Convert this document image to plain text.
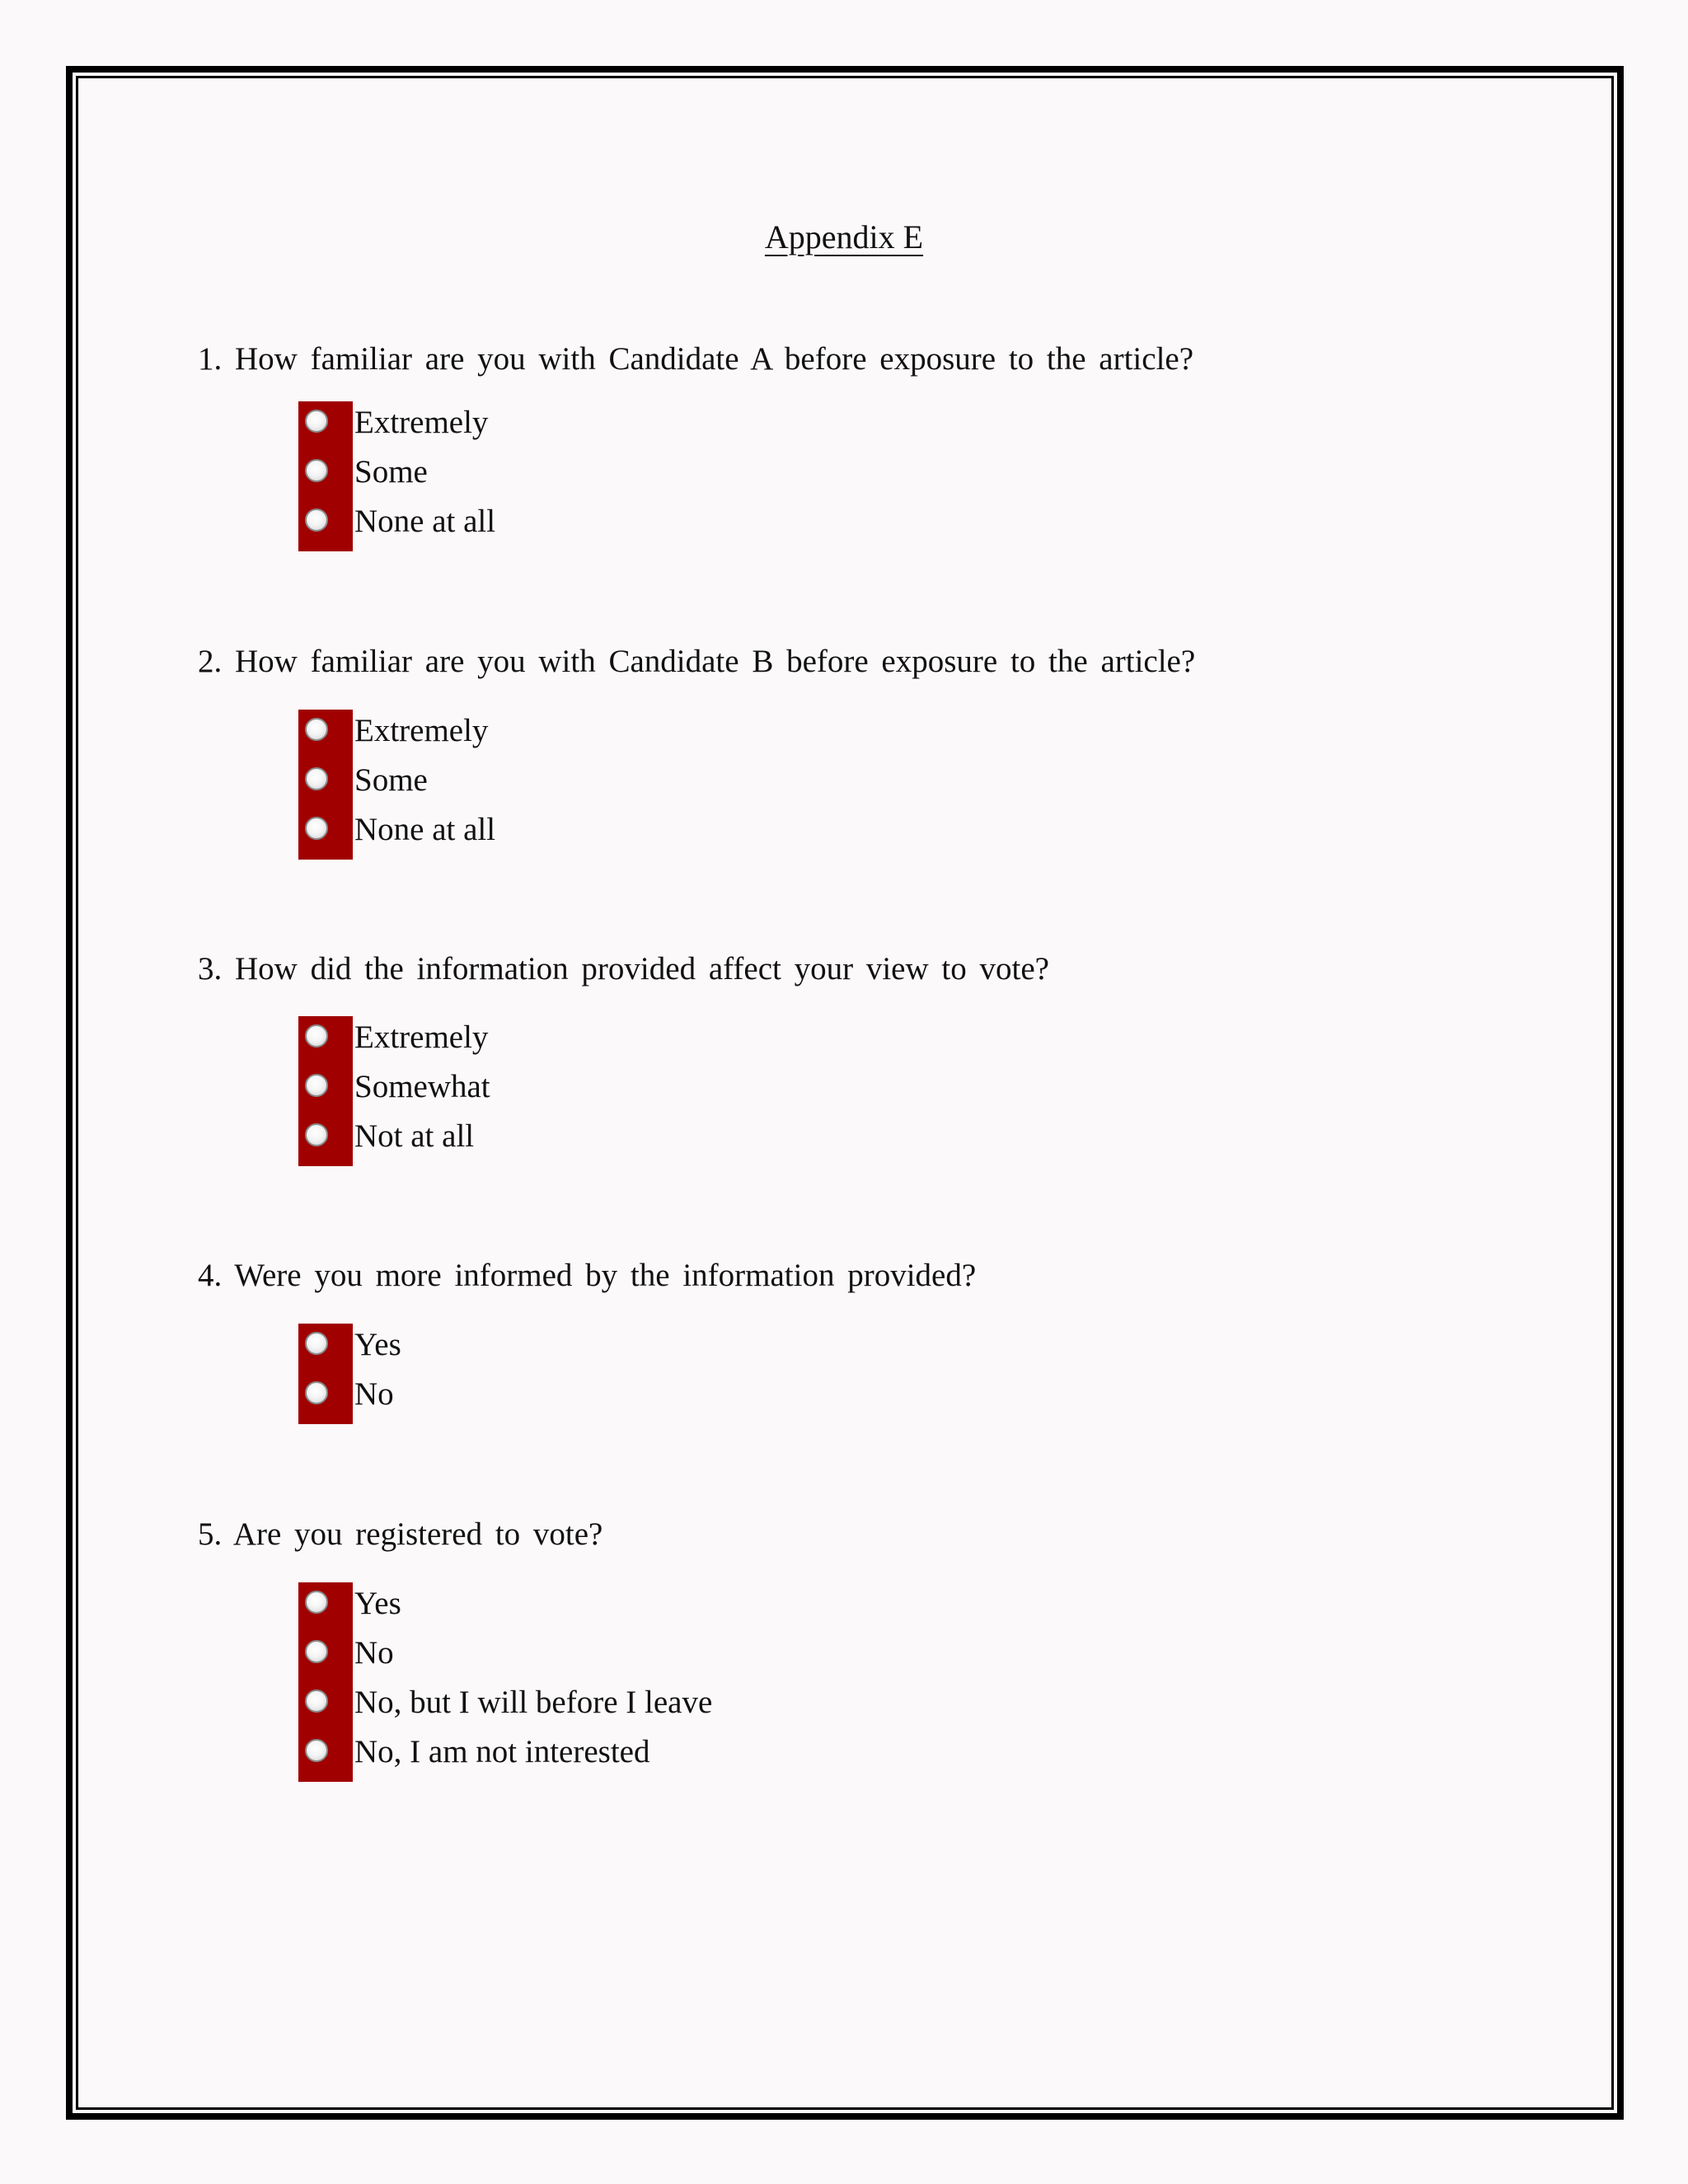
Appendix E
1. How familiar are you with Candidate A before exposure to the article?
Extremely
Some
None at all
2. How familiar are you with Candidate B before exposure to the article?
Extremely
Some
None at all
3. How did the information provided affect your view to vote?
Extremely
Somewhat
Not at all
4. Were you more informed by the information provided?
Yes
No
5. Are you registered to vote?
Yes
No
No, but I will before I leave
No, I am not interested
